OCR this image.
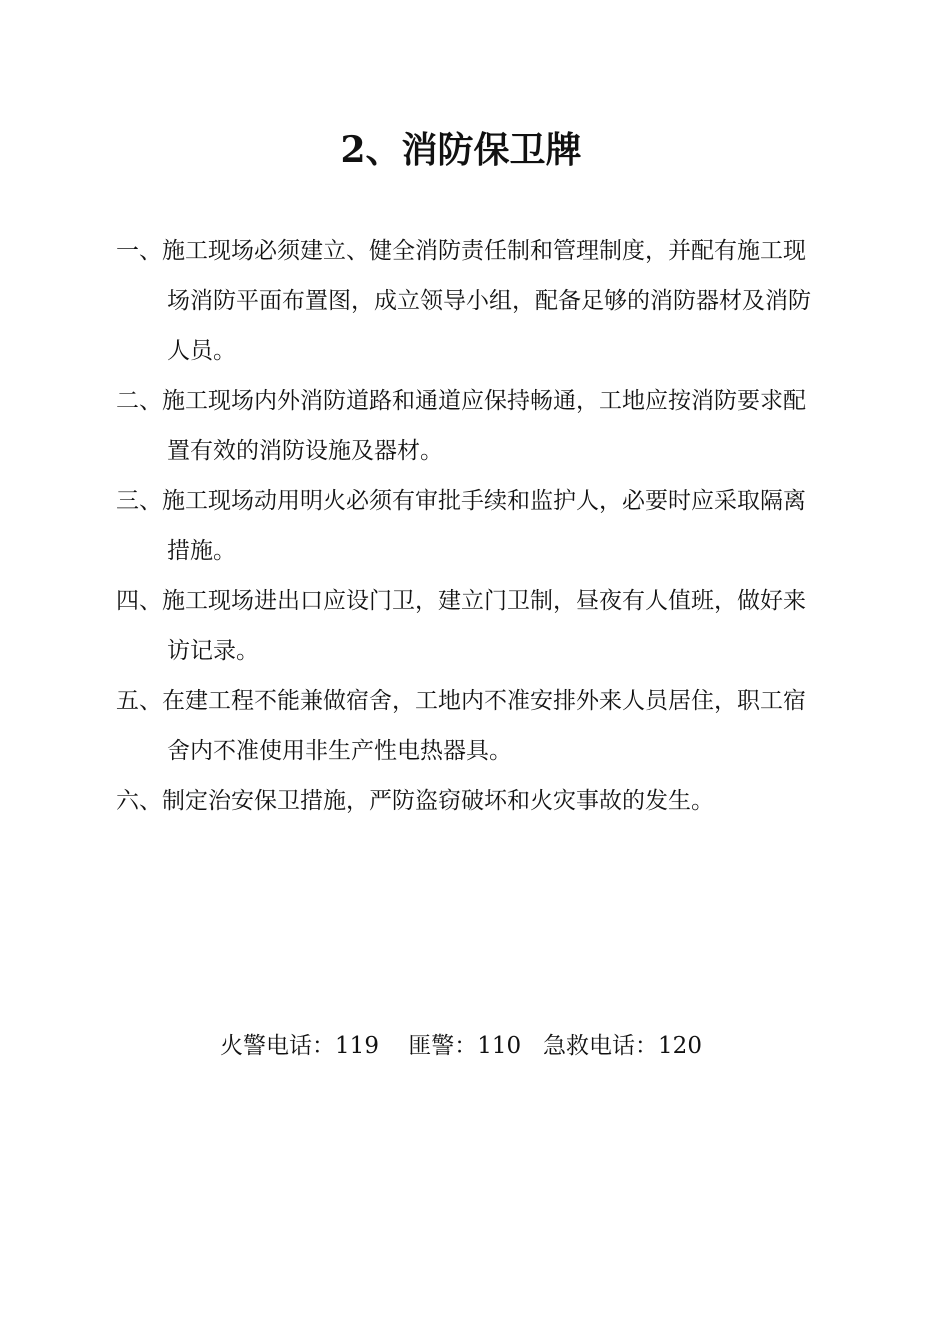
2、消防保卫牌
一、施工现场必须建立、健全消防责任制和管理制度，并配有施工现场消防平面布置图，成立领导小组，配备足够的消防器材及消防人员。
二、施工现场内外消防道路和通道应保持畅通，工地应按消防要求配置有效的消防设施及器材。
三、施工现场动用明火必须有审批手续和监护人，必要时应采取隔离措施。
四、施工现场进出口应设门卫，建立门卫制，昼夜有人值班，做好来访记录。
五、在建工程不能兼做宿舍，工地内不准安排外来人员居住，职工宿舍内不准使用非生产性电热器具。
六、制定治安保卫措施，严防盗窃破坏和火灾事故的发生。

火警电话：119 匪警：110 急救电话：120
